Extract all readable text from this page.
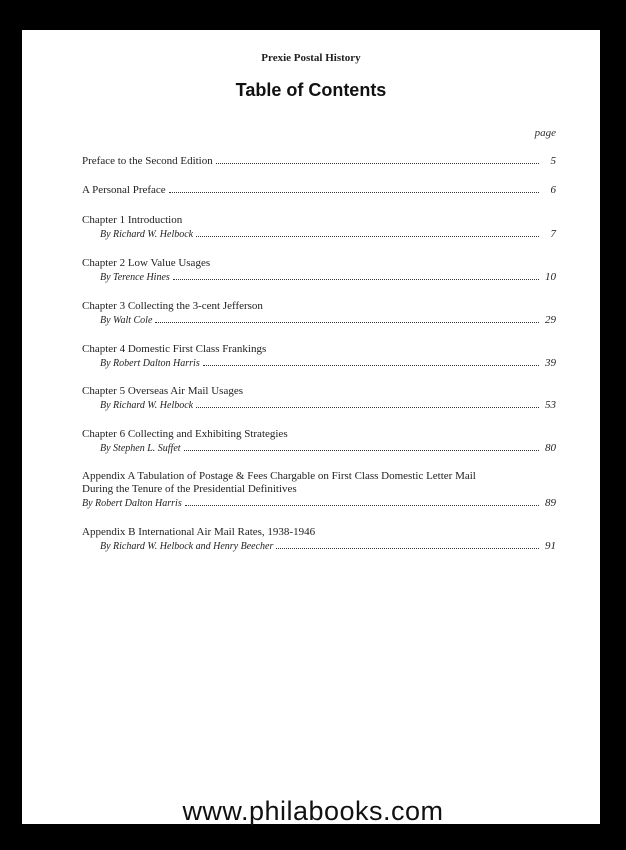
Prexie Postal History
Table of Contents
page
Preface to the Second Edition	5
A Personal Preface	6
Chapter 1 Introduction
By Richard W. Helbock	7
Chapter 2 Low Value Usages
By Terence Hines	10
Chapter 3 Collecting the 3-cent Jefferson
By Walt Cole	29
Chapter 4 Domestic First Class Frankings
By Robert Dalton Harris	39
Chapter 5 Overseas Air Mail Usages
By Richard W. Helbock	53
Chapter 6 Collecting and Exhibiting Strategies
By Stephen L. Suffet	80
Appendix A Tabulation of Postage & Fees Chargable on First Class Domestic Letter Mail
During the Tenure of the Presidential Definitives
By Robert Dalton Harris	89
Appendix B International Air Mail Rates, 1938-1946
By Richard W. Helbock and Henry Beecher	91
www.philabooks.com
